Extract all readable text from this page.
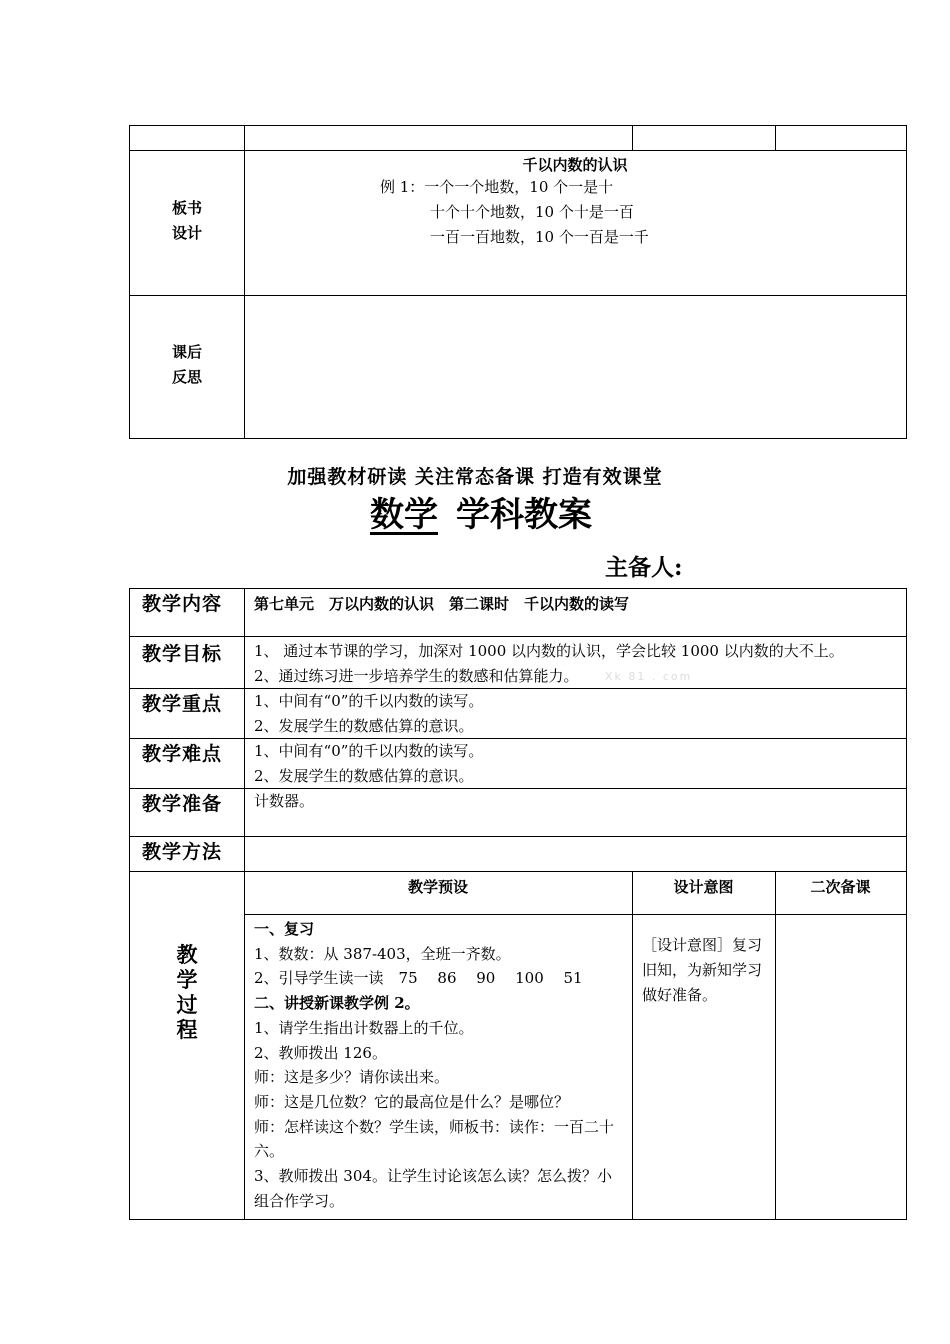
板书
设计
千以内数的认识
例 1：一个一个地数，10 个一是十
十个十个地数，10 个十是一百
一百一百地数，10 个一百是一千
课后
反思
加强教材研读 关注常态备课 打造有效课堂
数学 学科教案
主备人:
教学内容
教学目标
教学重点
教学难点
教学准备
教学方法
第七单元　万以内数的认识　第二课时　千以内数的读写
1、 通过本节课的学习，加深对 1000 以内数的认识，学会比较 1000 以内数的大不上。
2、通过练习进一步培养学生的数感和估算能力。 Xk 81 . com
1、中间有“0”的千以内数的读写。
2、发展学生的数感估算的意识。
1、中间有“0”的千以内数的读写。
2、发展学生的数感估算的意识。
计数器。
教
学
过
程
教学预设	设计意图	二次备课
一、复习
1、数数：从 387-403，全班一齐数。
2、引导学生读一读　75　 86　 90　 100　 51
二、讲授新课教学例 2。
1、请学生指出计数器上的千位。
2、教师拨出 126。
师：这是多少？请你读出来。
师：这是几位数？它的最高位是什么？是哪位？
师：怎样读这个数？学生读，师板书：读作：一百二十六。
3、教师拨出 304。让学生讨论该怎么读？怎么拨？小组合作学习。
［设计意图］复习旧知，为新知学习做好准备。
